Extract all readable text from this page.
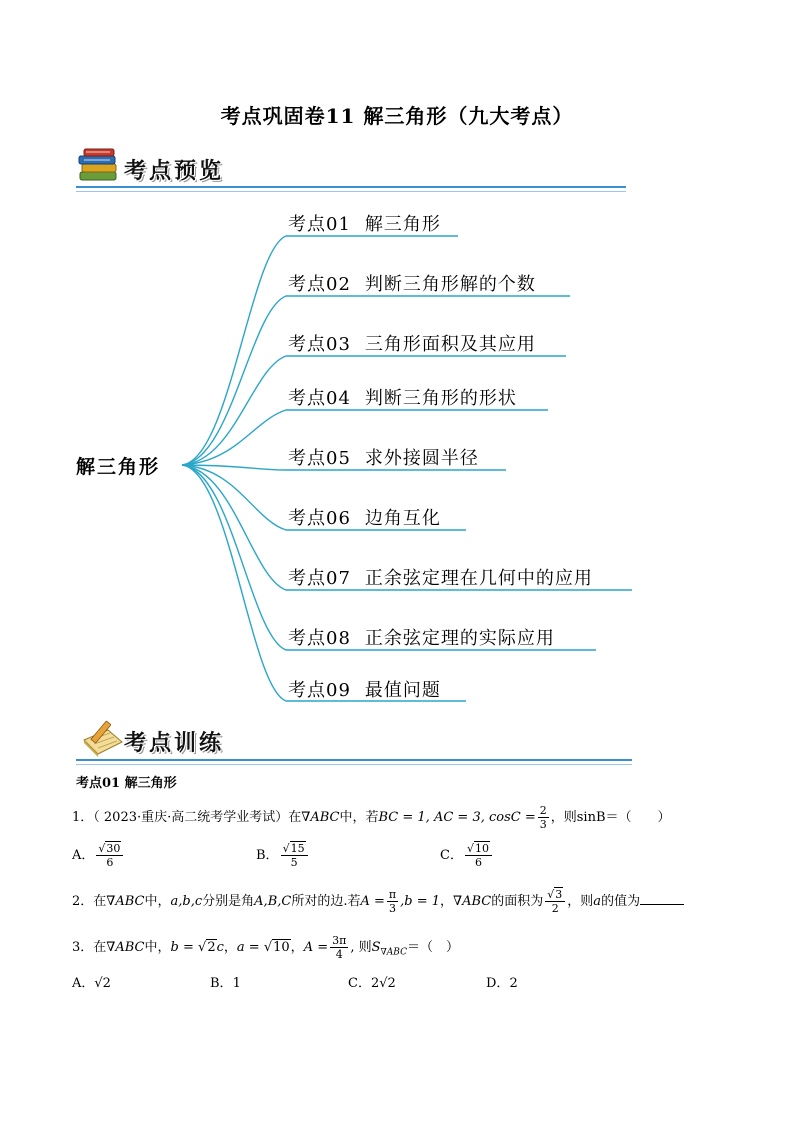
考点巩固卷11 解三角形（九大考点）
考点预览
解三角形
考点01 解三角形
考点02 判断三角形解的个数
考点03 三角形面积及其应用
考点04 判断三角形的形状
考点05 求外接圆半径
考点06 边角互化
考点07 正余弦定理在几何中的应用
考点08 正余弦定理的实际应用
考点09 最值问题
考点训练
考点01 解三角形
1．（ 2023·重庆·高二统考学业考试）在∇ABC中，若BC = 1, AC = 3, $\cos C = \frac{2}{3}$ ，则sinB＝（　　）
A． $\frac{√30}{6}$	B． $\frac{√15}{5}$	C． $\frac{√10}{6}$
2．在∇ABC中，a,b,c分别是角A,B,C所对的边.若$A = \frac{\pi}{3} ,b = 1$，∇ABC的面积为 $\frac{√3}{2}$ ，则a的值为
3．在∇ABC中，b = √2c，a = √10，$A = \frac{3\pi}{4}$ , 则$S_{\nabla ABC}=$（　）
A．√2	B．1	C．2√2	D．2
